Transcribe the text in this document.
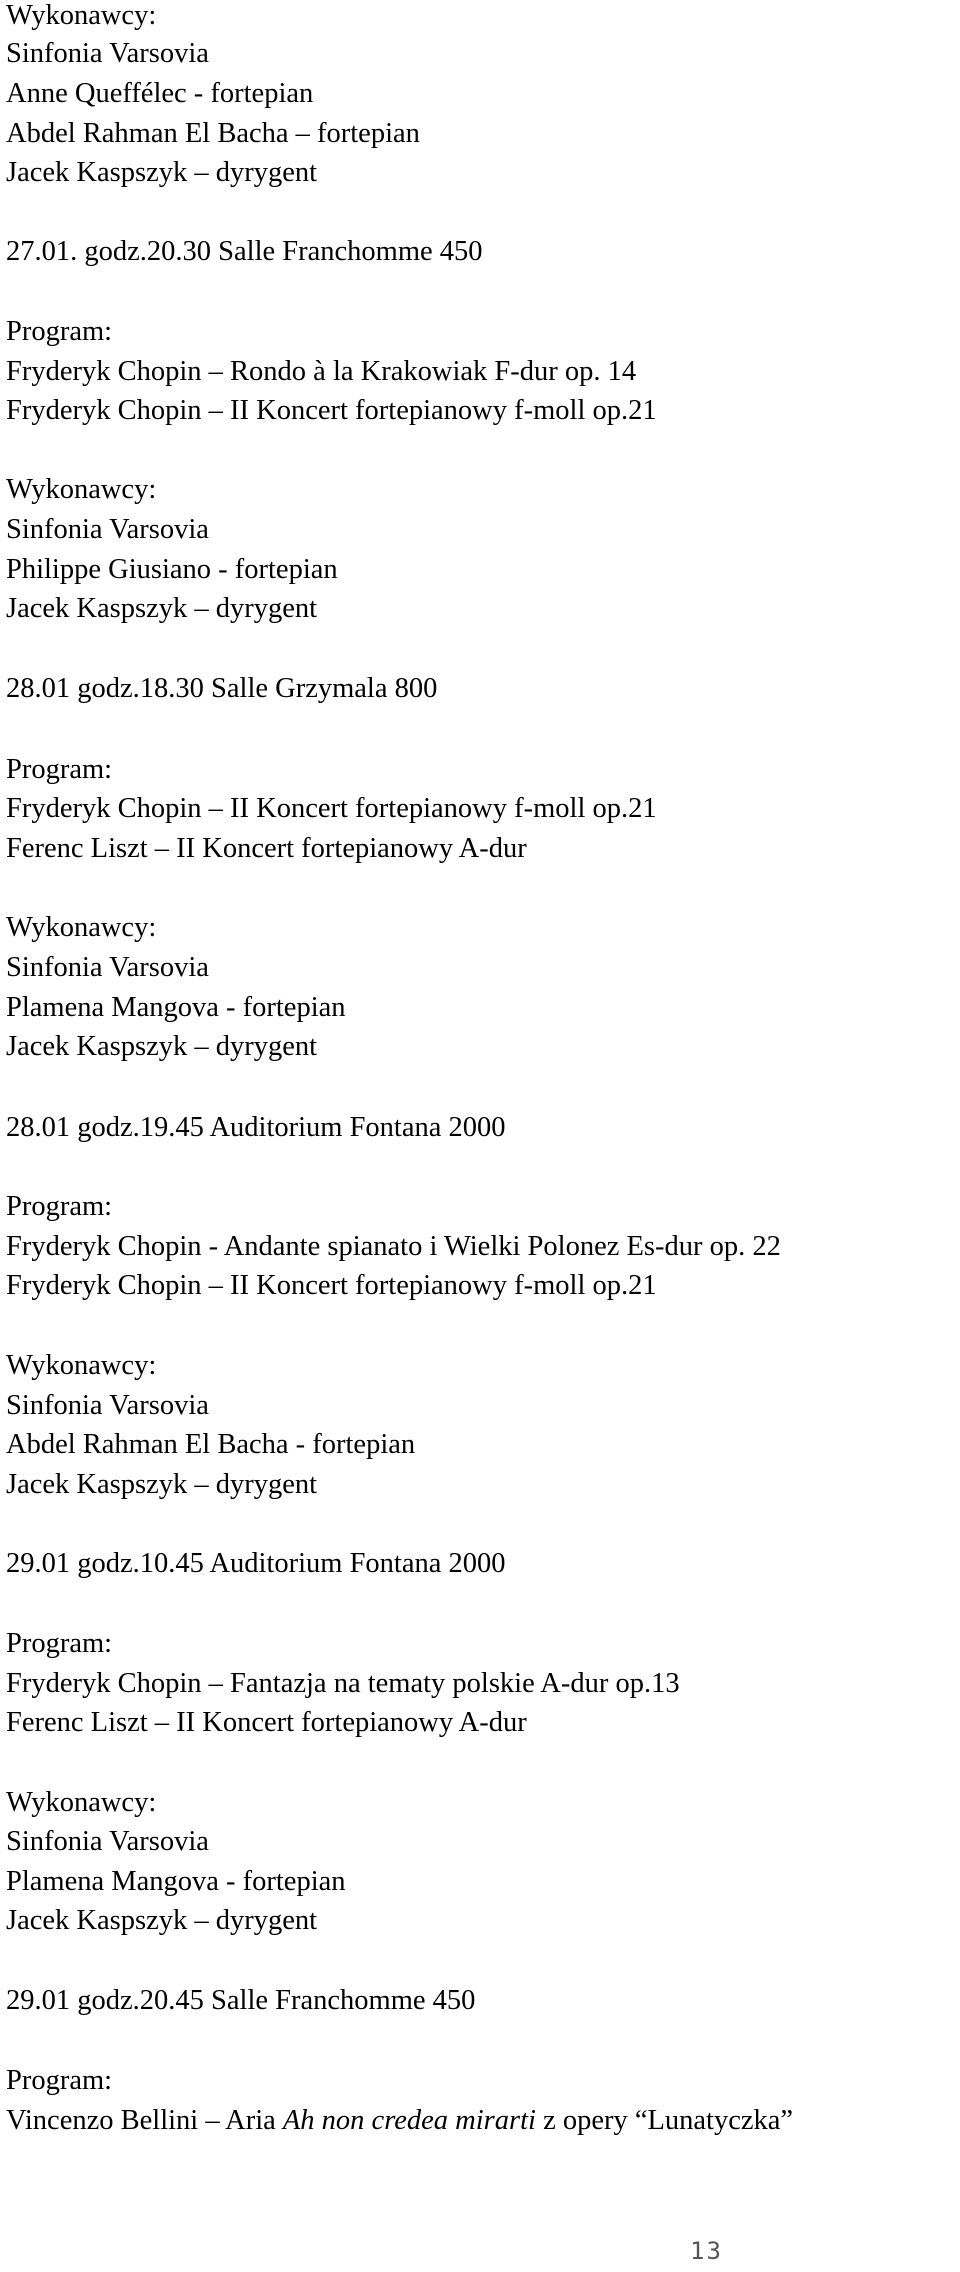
Wykonawcy:
Sinfonia Varsovia
Anne Queffélec - fortepian
Abdel Rahman El Bacha – fortepian
Jacek Kaspszyk – dyrygent
27.01. godz.20.30 Salle Franchomme 450
Program:
Fryderyk Chopin – Rondo à la Krakowiak F-dur op. 14
Fryderyk Chopin – II Koncert fortepianowy f-moll op.21
Wykonawcy:
Sinfonia Varsovia
Philippe Giusiano - fortepian
Jacek Kaspszyk – dyrygent
28.01 godz.18.30 Salle Grzymala 800
Program:
Fryderyk Chopin – II Koncert fortepianowy f-moll op.21
Ferenc Liszt – II Koncert fortepianowy A-dur
Wykonawcy:
Sinfonia Varsovia
Plamena Mangova - fortepian
Jacek Kaspszyk – dyrygent
28.01 godz.19.45 Auditorium Fontana 2000
Program:
Fryderyk Chopin - Andante spianato i Wielki Polonez Es-dur op. 22
Fryderyk Chopin – II Koncert fortepianowy f-moll op.21
Wykonawcy:
Sinfonia Varsovia
Abdel Rahman El Bacha - fortepian
Jacek Kaspszyk – dyrygent
29.01 godz.10.45 Auditorium Fontana 2000
Program:
Fryderyk Chopin – Fantazja na tematy polskie A-dur op.13
Ferenc Liszt – II Koncert fortepianowy A-dur
Wykonawcy:
Sinfonia Varsovia
Plamena Mangova - fortepian
Jacek Kaspszyk – dyrygent
29.01 godz.20.45 Salle Franchomme 450
Program:
Vincenzo Bellini – Aria Ah non credea mirarti z opery “Lunatyczka”
13
